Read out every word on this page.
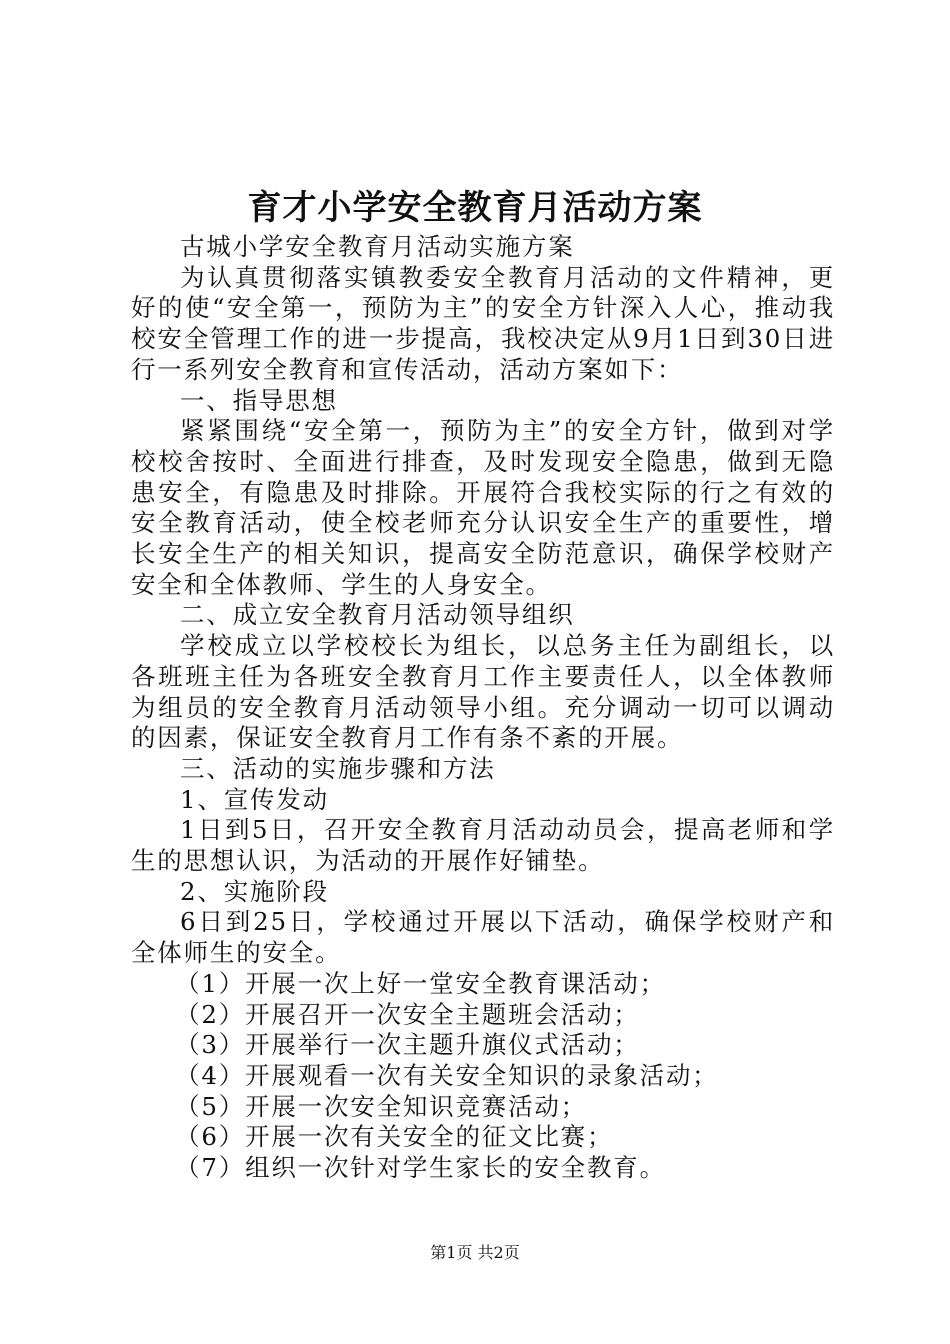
育才小学安全教育月活动方案

古城小学安全教育月活动实施方案

为认真贯彻落实镇教委安全教育月活动的文件精神，更好的使“安全第一，预防为主”的安全方针深入人心，推动我校安全管理工作的进一步提高，我校决定从9月1日到30日进行一系列安全教育和宣传活动，活动方案如下：

一、指导思想

紧紧围绕“安全第一，预防为主”的安全方针，做到对学校校舍按时、全面进行排查，及时发现安全隐患，做到无隐患安全，有隐患及时排除。开展符合我校实际的行之有效的安全教育活动，使全校老师充分认识安全生产的重要性，增长安全生产的相关知识，提高安全防范意识，确保学校财产安全和全体教师、学生的人身安全。

二、成立安全教育月活动领导组织

学校成立以学校校长为组长，以总务主任为副组长，以各班班主任为各班安全教育月工作主要责任人，以全体教师为组员的安全教育月活动领导小组。充分调动一切可以调动的因素，保证安全教育月工作有条不紊的开展。

三、活动的实施步骤和方法

1、宣传发动

1日到5日，召开安全教育月活动动员会，提高老师和学生的思想认识，为活动的开展作好铺垫。

2、实施阶段

6日到25日，学校通过开展以下活动，确保学校财产和全体师生的安全。

（1）开展一次上好一堂安全教育课活动；

（2）开展召开一次安全主题班会活动；

（3）开展举行一次主题升旗仪式活动；

（4）开展观看一次有关安全知识的录象活动；

（5）开展一次安全知识竞赛活动；

（6）开展一次有关安全的征文比赛；

（7）组织一次针对学生家长的安全教育。

第1页 共2页
